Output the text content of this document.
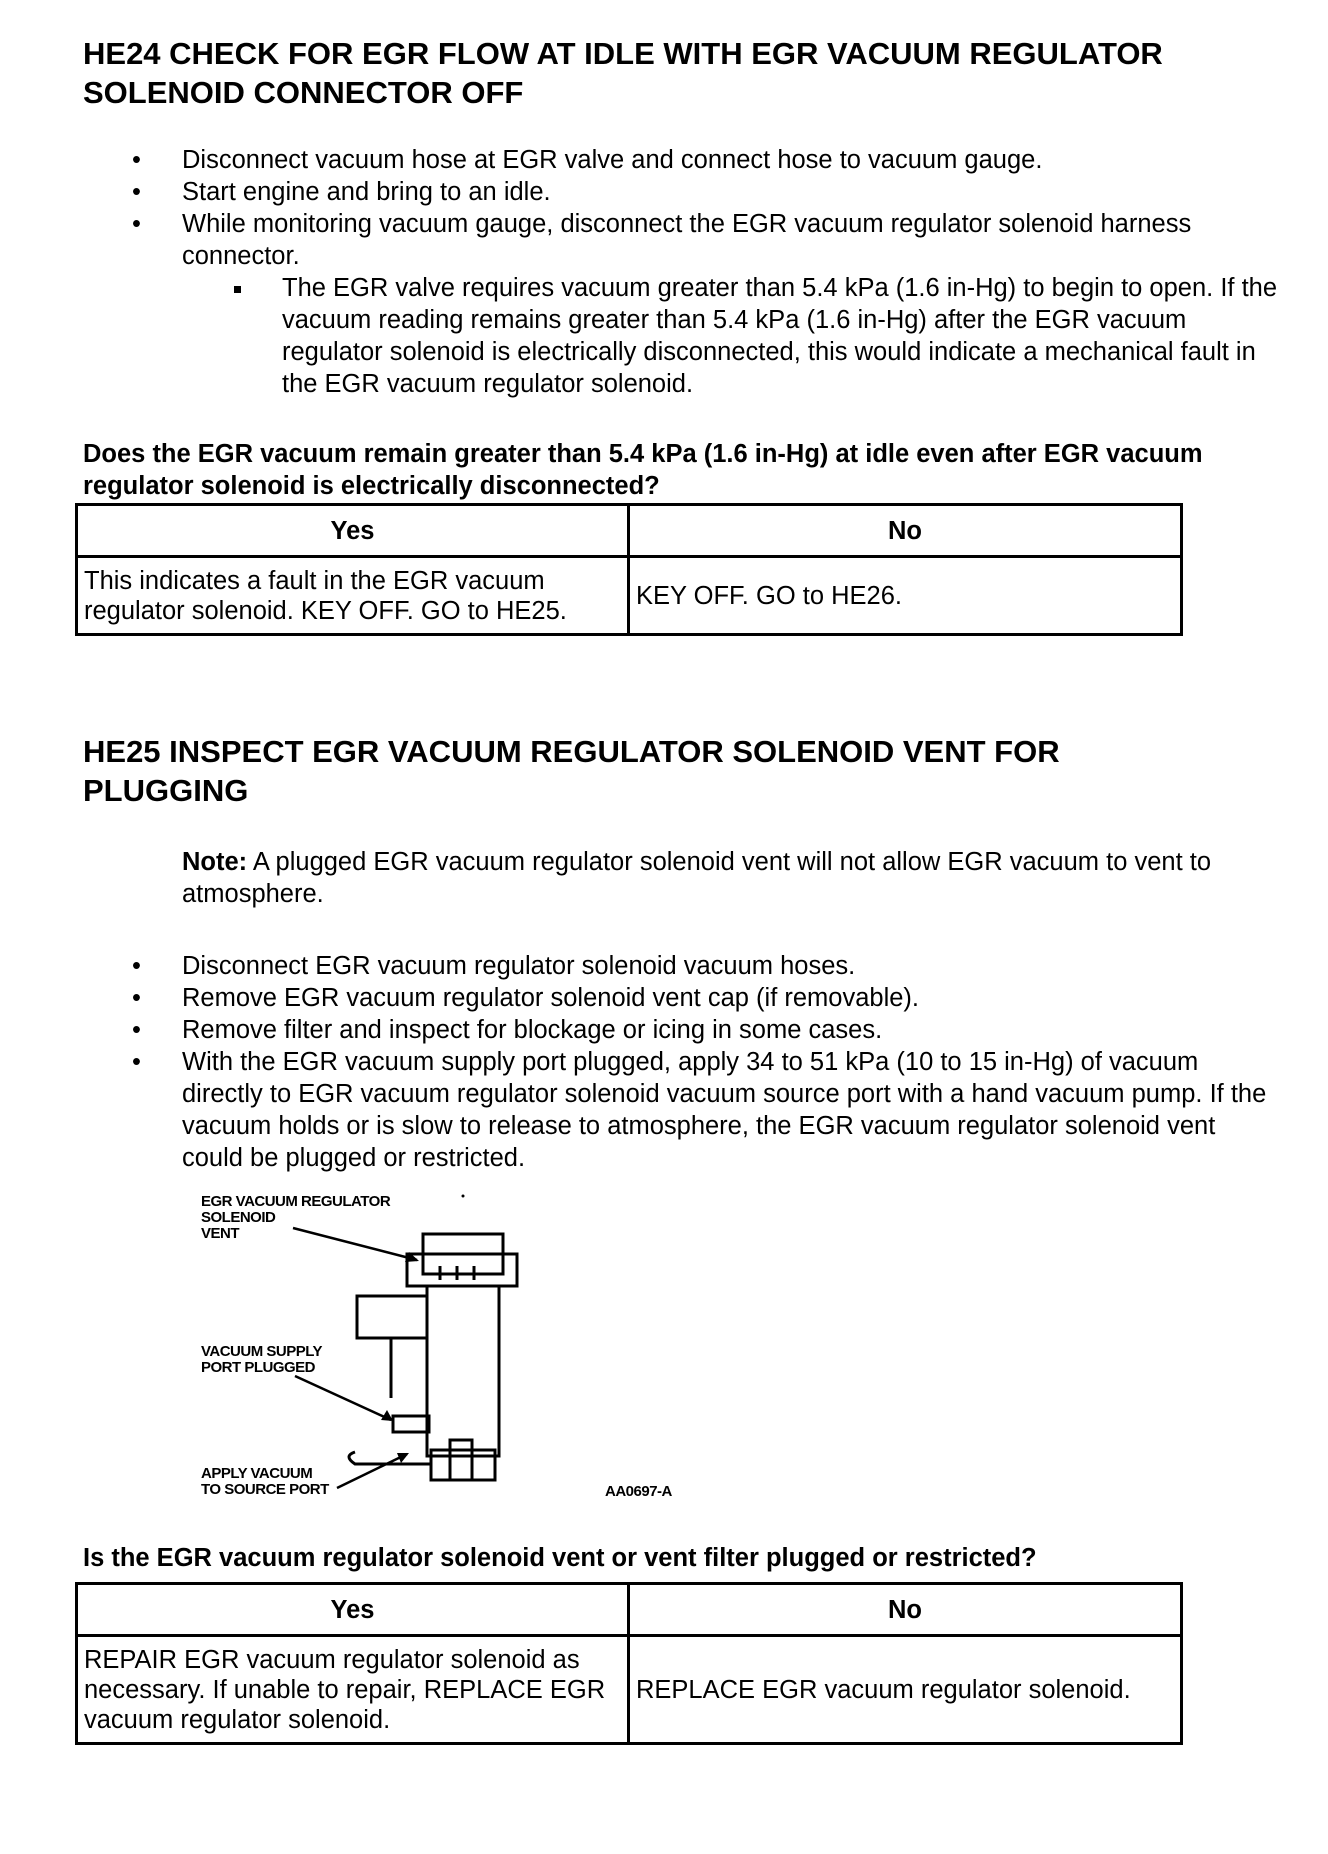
HE24 CHECK FOR EGR FLOW AT IDLE WITH EGR VACUUM REGULATOR
SOLENOID CONNECTOR OFF
• Disconnect vacuum hose at EGR valve and connect hose to vacuum gauge.
• Start engine and bring to an idle.
• While monitoring vacuum gauge, disconnect the EGR vacuum regulator solenoid harness connector.
The EGR valve requires vacuum greater than 5.4 kPa (1.6 in-Hg) to begin to open. If the vacuum reading remains greater than 5.4 kPa (1.6 in-Hg) after the EGR vacuum regulator solenoid is electrically disconnected, this would indicate a mechanical fault in the EGR vacuum regulator solenoid.
Does the EGR vacuum remain greater than 5.4 kPa (1.6 in-Hg) at idle even after EGR vacuum regulator solenoid is electrically disconnected?
Yes	No
This indicates a fault in the EGR vacuum regulator solenoid. KEY OFF. GO to HE25.	KEY OFF. GO to HE26.
HE25 INSPECT EGR VACUUM REGULATOR SOLENOID VENT FOR
PLUGGING
Note: A plugged EGR vacuum regulator solenoid vent will not allow EGR vacuum to vent to atmosphere.
• Disconnect EGR vacuum regulator solenoid vacuum hoses.
• Remove EGR vacuum regulator solenoid vent cap (if removable).
• Remove filter and inspect for blockage or icing in some cases.
• With the EGR vacuum supply port plugged, apply 34 to 51 kPa (10 to 15 in-Hg) of vacuum directly to EGR vacuum regulator solenoid vacuum source port with a hand vacuum pump. If the vacuum holds or is slow to release to atmosphere, the EGR vacuum regulator solenoid vent could be plugged or restricted.
EGR VACUUM REGULATOR
SOLENOID
VENT
VACUUM SUPPLY
PORT PLUGGED
APPLY VACUUM
TO SOURCE PORT	AA0697-A
Is the EGR vacuum regulator solenoid vent or vent filter plugged or restricted?
Yes	No
REPAIR EGR vacuum regulator solenoid as necessary. If unable to repair, REPLACE EGR vacuum regulator solenoid.	REPLACE EGR vacuum regulator solenoid.
